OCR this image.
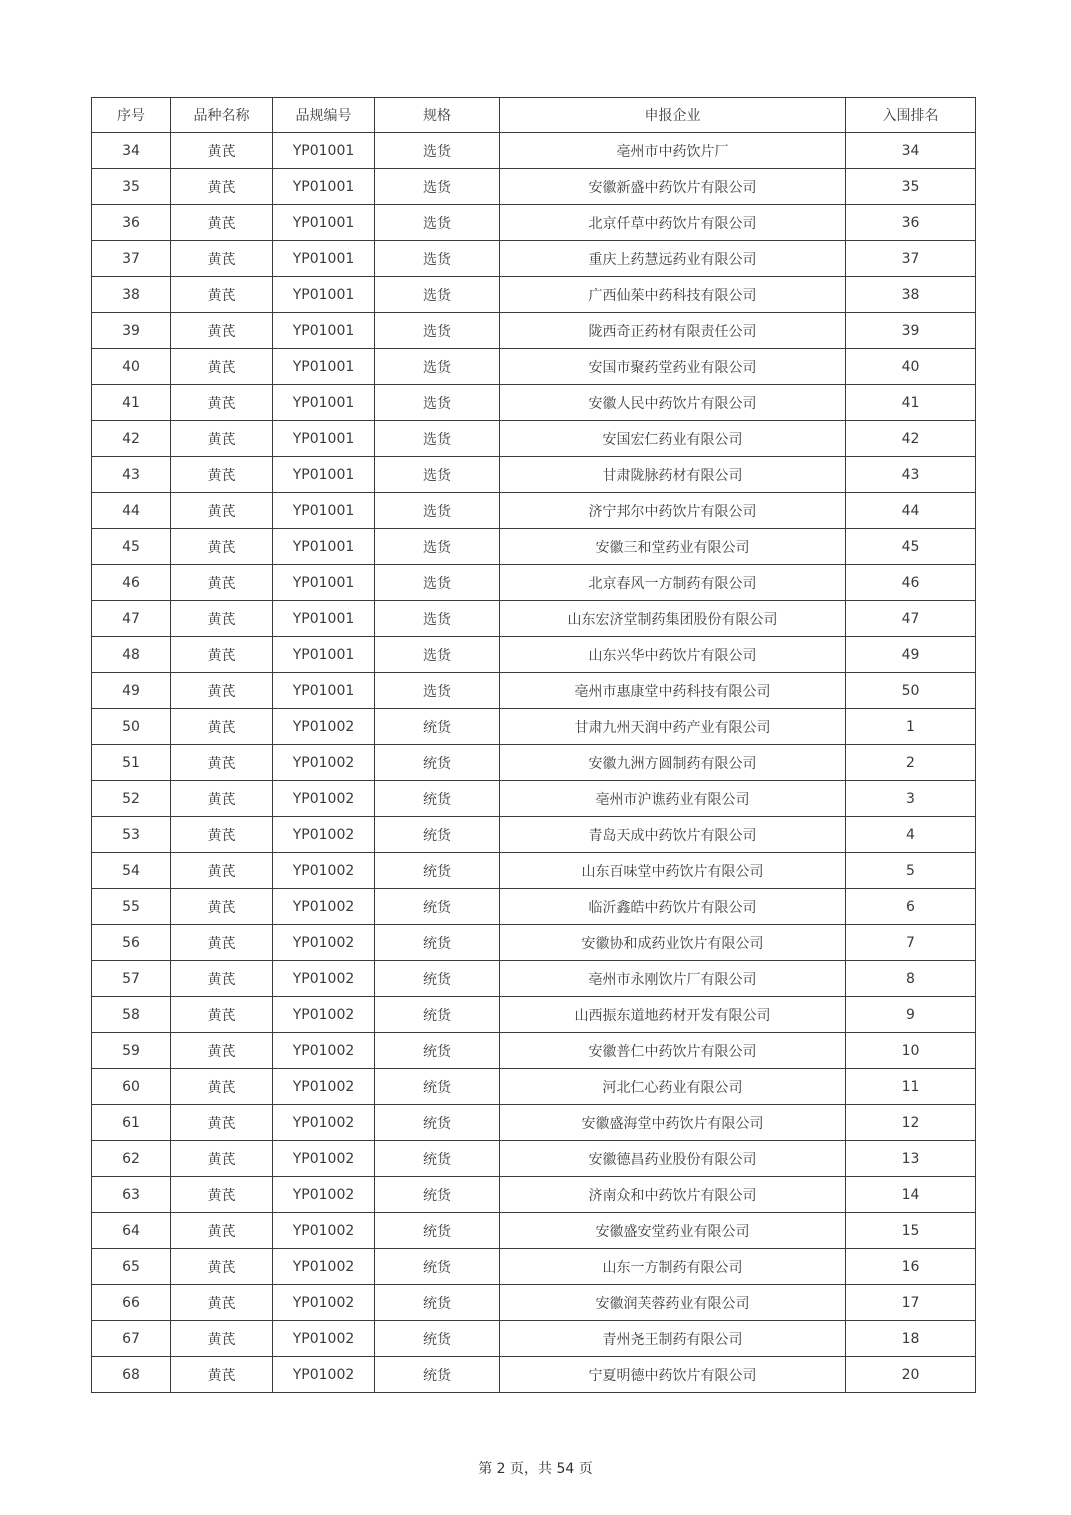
序号	品种名称	品规编号	规格	申报企业	入围排名
34	黄芪	YP01001	选货	亳州市中药饮片厂	34
35	黄芪	YP01001	选货	安徽新盛中药饮片有限公司	35
36	黄芪	YP01001	选货	北京仟草中药饮片有限公司	36
37	黄芪	YP01001	选货	重庆上药慧远药业有限公司	37
38	黄芪	YP01001	选货	广西仙茱中药科技有限公司	38
39	黄芪	YP01001	选货	陇西奇正药材有限责任公司	39
40	黄芪	YP01001	选货	安国市聚药堂药业有限公司	40
41	黄芪	YP01001	选货	安徽人民中药饮片有限公司	41
42	黄芪	YP01001	选货	安国宏仁药业有限公司	42
43	黄芪	YP01001	选货	甘肃陇脉药材有限公司	43
44	黄芪	YP01001	选货	济宁邦尔中药饮片有限公司	44
45	黄芪	YP01001	选货	安徽三和堂药业有限公司	45
46	黄芪	YP01001	选货	北京春风一方制药有限公司	46
47	黄芪	YP01001	选货	山东宏济堂制药集团股份有限公司	47
48	黄芪	YP01001	选货	山东兴华中药饮片有限公司	49
49	黄芪	YP01001	选货	亳州市惠康堂中药科技有限公司	50
50	黄芪	YP01002	统货	甘肃九州天润中药产业有限公司	1
51	黄芪	YP01002	统货	安徽九洲方圆制药有限公司	2
52	黄芪	YP01002	统货	亳州市沪谯药业有限公司	3
53	黄芪	YP01002	统货	青岛天成中药饮片有限公司	4
54	黄芪	YP01002	统货	山东百味堂中药饮片有限公司	5
55	黄芪	YP01002	统货	临沂鑫皓中药饮片有限公司	6
56	黄芪	YP01002	统货	安徽协和成药业饮片有限公司	7
57	黄芪	YP01002	统货	亳州市永刚饮片厂有限公司	8
58	黄芪	YP01002	统货	山西振东道地药材开发有限公司	9
59	黄芪	YP01002	统货	安徽普仁中药饮片有限公司	10
60	黄芪	YP01002	统货	河北仁心药业有限公司	11
61	黄芪	YP01002	统货	安徽盛海堂中药饮片有限公司	12
62	黄芪	YP01002	统货	安徽德昌药业股份有限公司	13
63	黄芪	YP01002	统货	济南众和中药饮片有限公司	14
64	黄芪	YP01002	统货	安徽盛安堂药业有限公司	15
65	黄芪	YP01002	统货	山东一方制药有限公司	16
66	黄芪	YP01002	统货	安徽润芙蓉药业有限公司	17
67	黄芪	YP01002	统货	青州尧王制药有限公司	18
68	黄芪	YP01002	统货	宁夏明德中药饮片有限公司	20
第 2 页，共 54 页
